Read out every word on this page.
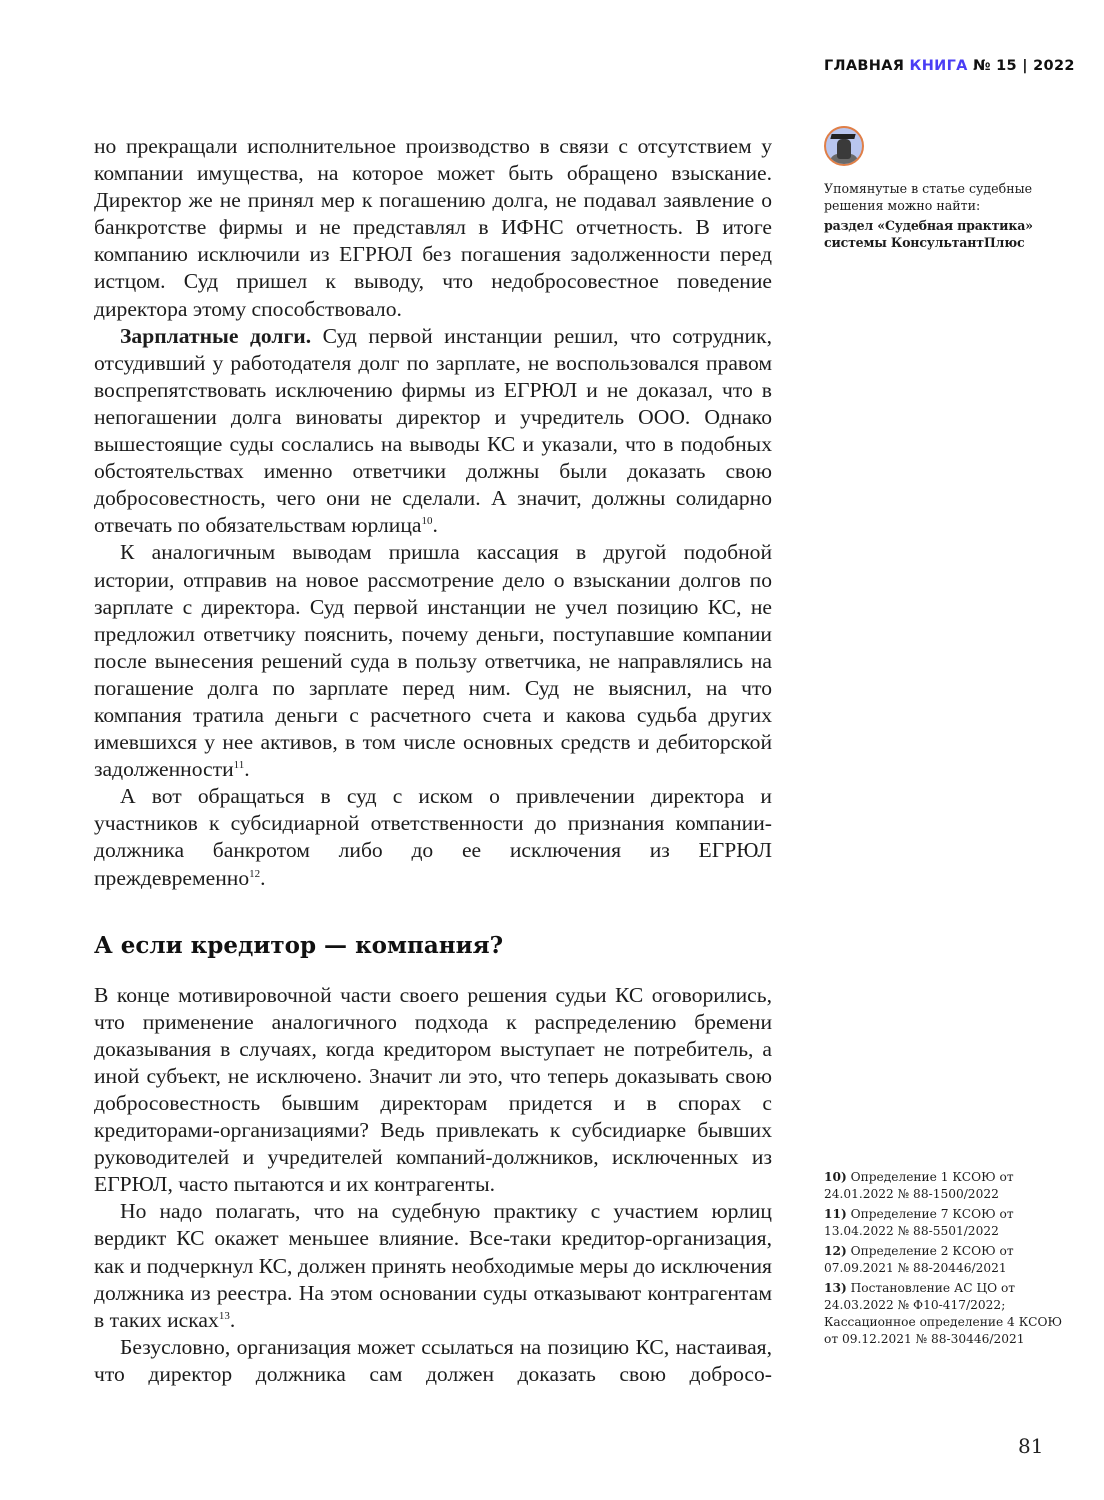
ГЛАВНАЯ КНИГА № 15 | 2022
Упомянутые в статье судебные решения можно найти:
раздел «Судебная практика» системы КонсультантПлюс

но прекращали исполнительное производство в связи с отсутствием у компании имущества, на которое может быть обращено взыскание. Директор же не принял мер к погашению долга, не подавал заявление о банкротстве фирмы и не представлял в ИФНС отчетность. В итоге компанию исключили из ЕГРЮЛ без погашения задолженности перед истцом. Суд пришел к выводу, что недобросовестное поведение директора этому способствовало.

Зарплатные долги. Суд первой инстанции решил, что сотрудник, отсудивший у работодателя долг по зарплате, не воспользовался правом воспрепятствовать исключению фирмы из ЕГРЮЛ и не доказал, что в непогашении долга виноваты директор и учредитель ООО. Однако вышестоящие суды сослались на выводы КС и указали, что в подобных обстоятельствах именно ответчики должны были доказать свою добросовестность, чего они не сделали. А значит, должны солидарно отвечать по обязательствам юрлица$^{10}$.

К аналогичным выводам пришла кассация в другой подобной истории, отправив на новое рассмотрение дело о взыскании долгов по зарплате с директора. Суд первой инстанции не учел позицию КС, не предложил ответчику пояснить, почему деньги, поступавшие компании после вынесения решений суда в пользу ответчика, не направлялись на погашение долга по зарплате перед ним. Суд не выяснил, на что компания тратила деньги с расчетного счета и какова судьба других имевшихся у нее активов, в том числе основных средств и дебиторской задолженности$^{11}$.

А вот обращаться в суд с иском о привлечении директора и участников к субсидиарной ответственности до признания компании-должника банкротом либо до ее исключения из ЕГРЮЛ преждевременно$^{12}$.

А если кредитор — компания?

В конце мотивировочной части своего решения судьи КС оговорились, что применение аналогичного подхода к распределению бремени доказывания в случаях, когда кредитором выступает не потребитель, а иной субъект, не исключено. Значит ли это, что теперь доказывать свою добросовестность бывшим директорам придется и в спорах с кредиторами-организациями? Ведь привлекать к субсидиарке бывших руководителей и учредителей компаний-должников, исключенных из ЕГРЮЛ, часто пытаются и их контрагенты.

Но надо полагать, что на судебную практику с участием юрлиц вердикт КС окажет меньшее влияние. Все-таки кредитор-организация, как и подчеркнул КС, должен принять необходимые меры до исключения должника из реестра. На этом основании суды отказывают контрагентам в таких исках$^{13}$.

Безусловно, организация может ссылаться на позицию КС, настаивая, что директор должника сам должен доказать свою добросо-

10) Определение 1 КСОЮ от 24.01.2022 № 88-1500/2022
11) Определение 7 КСОЮ от 13.04.2022 № 88-5501/2022
12) Определение 2 КСОЮ от 07.09.2021 № 88-20446/2021
13) Постановление АС ЦО от 24.03.2022 № Ф10-417/2022; Кассационное определение 4 КСОЮ от 09.12.2021 № 88-30446/2021
81
